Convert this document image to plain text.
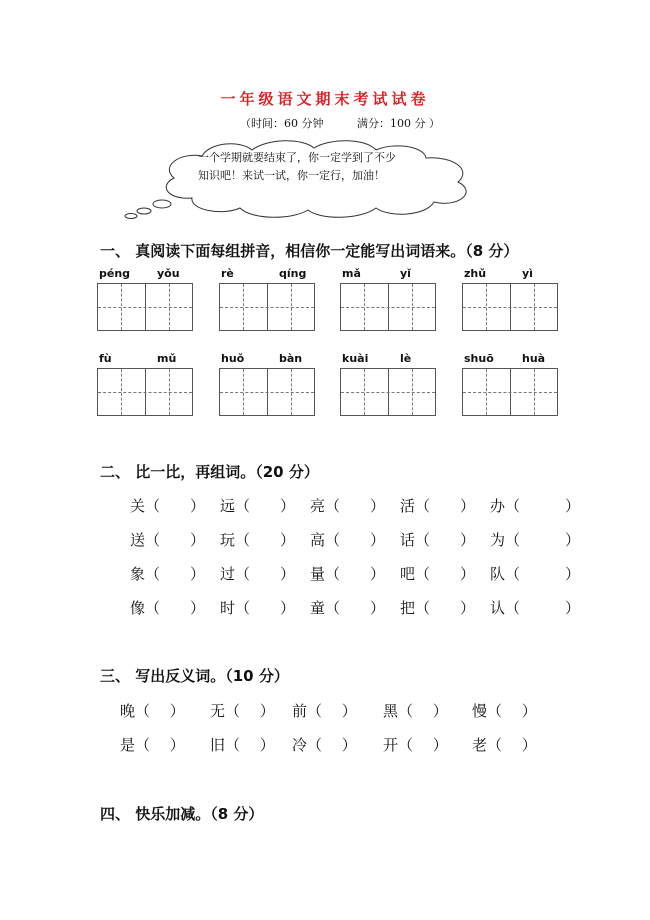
一年级语文期末考试试卷
（时间：60 分钟	满分：100 分 ）
一个学期就要结束了，你一定学到了不少
知识吧！来试一试，你一定行，加油！
一、 真阅读下面每组拼音，相信你一定能写出词语来。（8 分）
péng yǒu	rè	qíng	mǎ	yǐ	zhǔ	yì
fù	mǔ	huǒ	bàn	kuài	lè	shuō	huà
二、 比一比，再组词。（20 分）
关（　　） 远（　　） 亮（　　） 活（　　） 办（　　　）
送（　　） 玩（　　） 高（　　） 话（　　） 为（　　　）
象（　　） 过（　　） 量（　　） 吧（　　） 队（　　　）
像（　　） 时（　　） 童（　　） 把（　　） 认（　　　）
三、 写出反义词。（10 分）
晚（　 ） 无（　 ） 前（　 ） 黑（　 ） 慢（　 ）
是（　 ） 旧（　 ） 冷（　 ） 开（　 ） 老（　 ）
四、 快乐加减。（8 分）
